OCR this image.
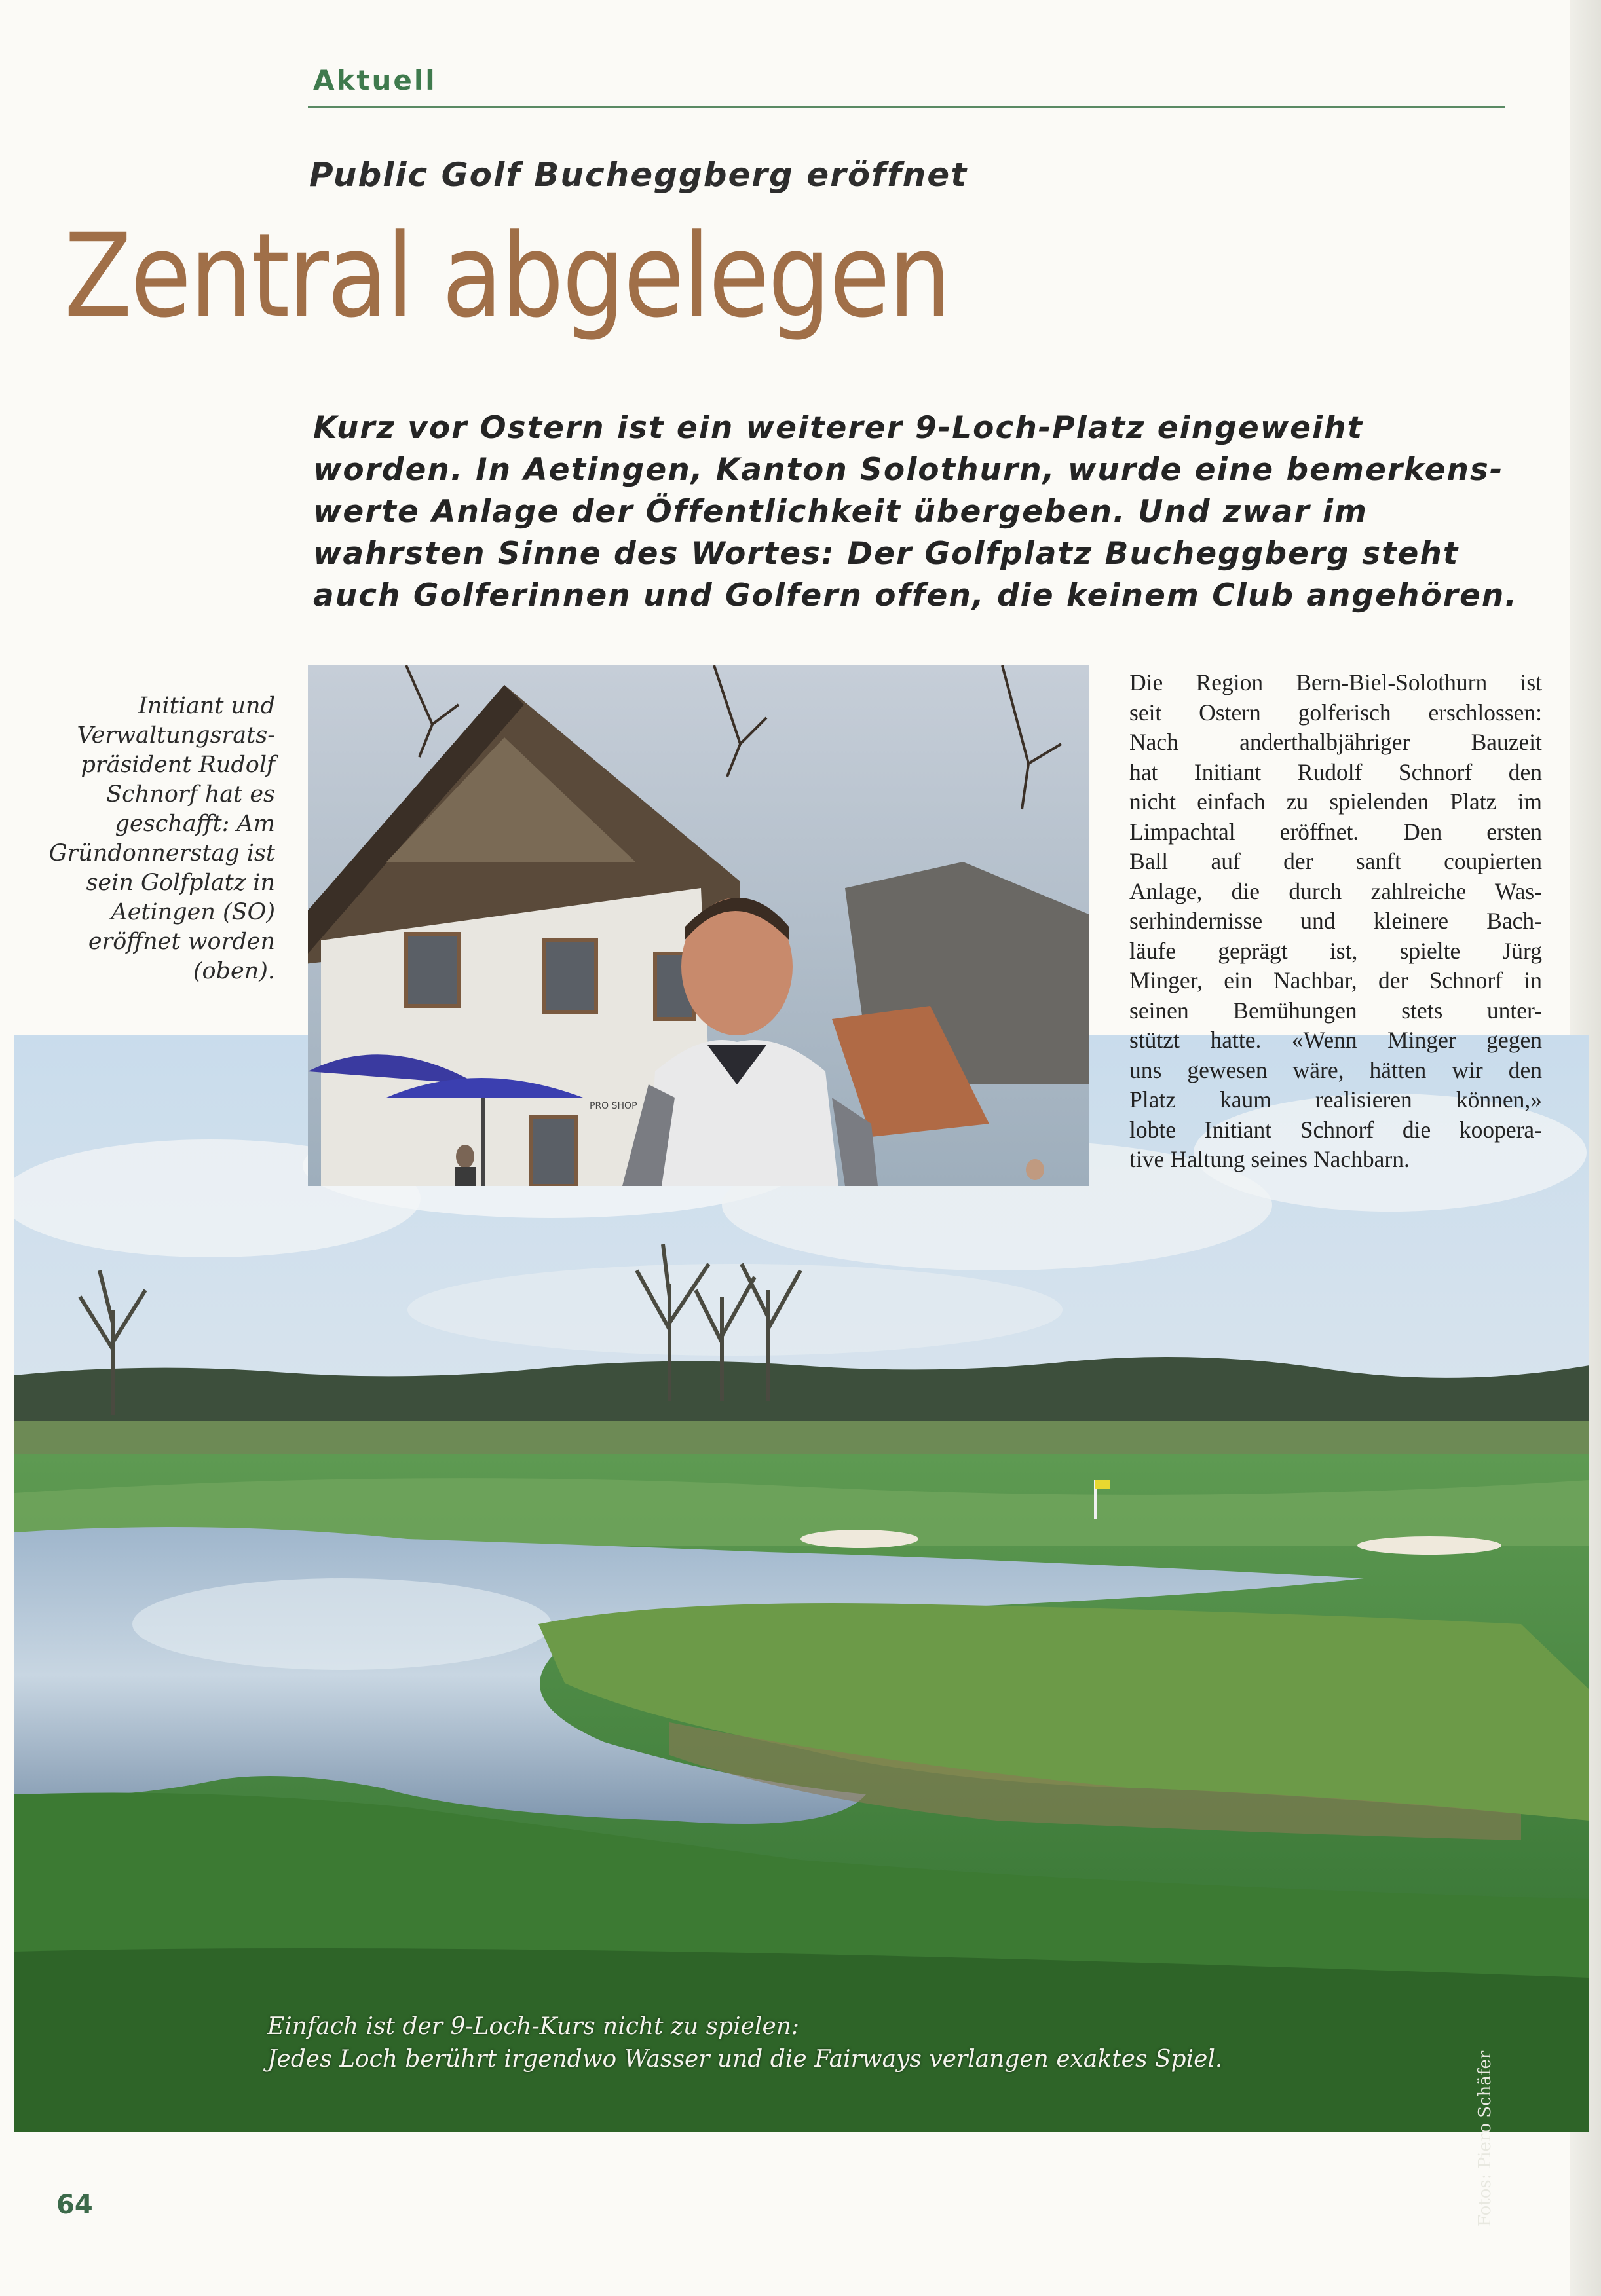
Aktuell
Public Golf Bucheggberg eröffnet
Zentral abgelegen
Kurz vor Ostern ist ein weiterer 9-Loch-Platz eingeweiht
worden. In Aetingen, Kanton Solothurn, wurde eine bemerkens-
werte Anlage der Öffentlichkeit übergeben. Und zwar im
wahrsten Sinne des Wortes: Der Golfplatz Bucheggberg steht
auch Golferinnen und Golfern offen, die keinem Club angehören.
Initiant und Verwaltungsrats- präsident Rudolf Schnorf hat es geschafft: Am Gründonnerstag ist sein Golfplatz in Aetingen (SO) eröffnet worden (oben).
PRO SHOP
Die Region Bern-Biel-Solothurn ist
seit Ostern golferisch erschlossen:
Nach anderthalbjähriger Bauzeit
hat Initiant Rudolf Schnorf den
nicht einfach zu spielenden Platz im
Limpachtal eröffnet. Den ersten
Ball auf der sanft coupierten
Anlage, die durch zahlreiche Was-
serhindernisse und kleinere Bach-
läufe geprägt ist, spielte Jürg
Minger, ein Nachbar, der Schnorf in
seinen Bemühungen stets unter-
stützt hatte. «Wenn Minger gegen
uns gewesen wäre, hätten wir den
Platz kaum realisieren können,»
lobte Initiant Schnorf die koopera-
tive Haltung seines Nachbarn.
Einfach ist der 9-Loch-Kurs nicht zu spielen:
Jedes Loch berührt irgendwo Wasser und die Fairways verlangen exaktes Spiel.	Fotos: Piero Schäfer
64
